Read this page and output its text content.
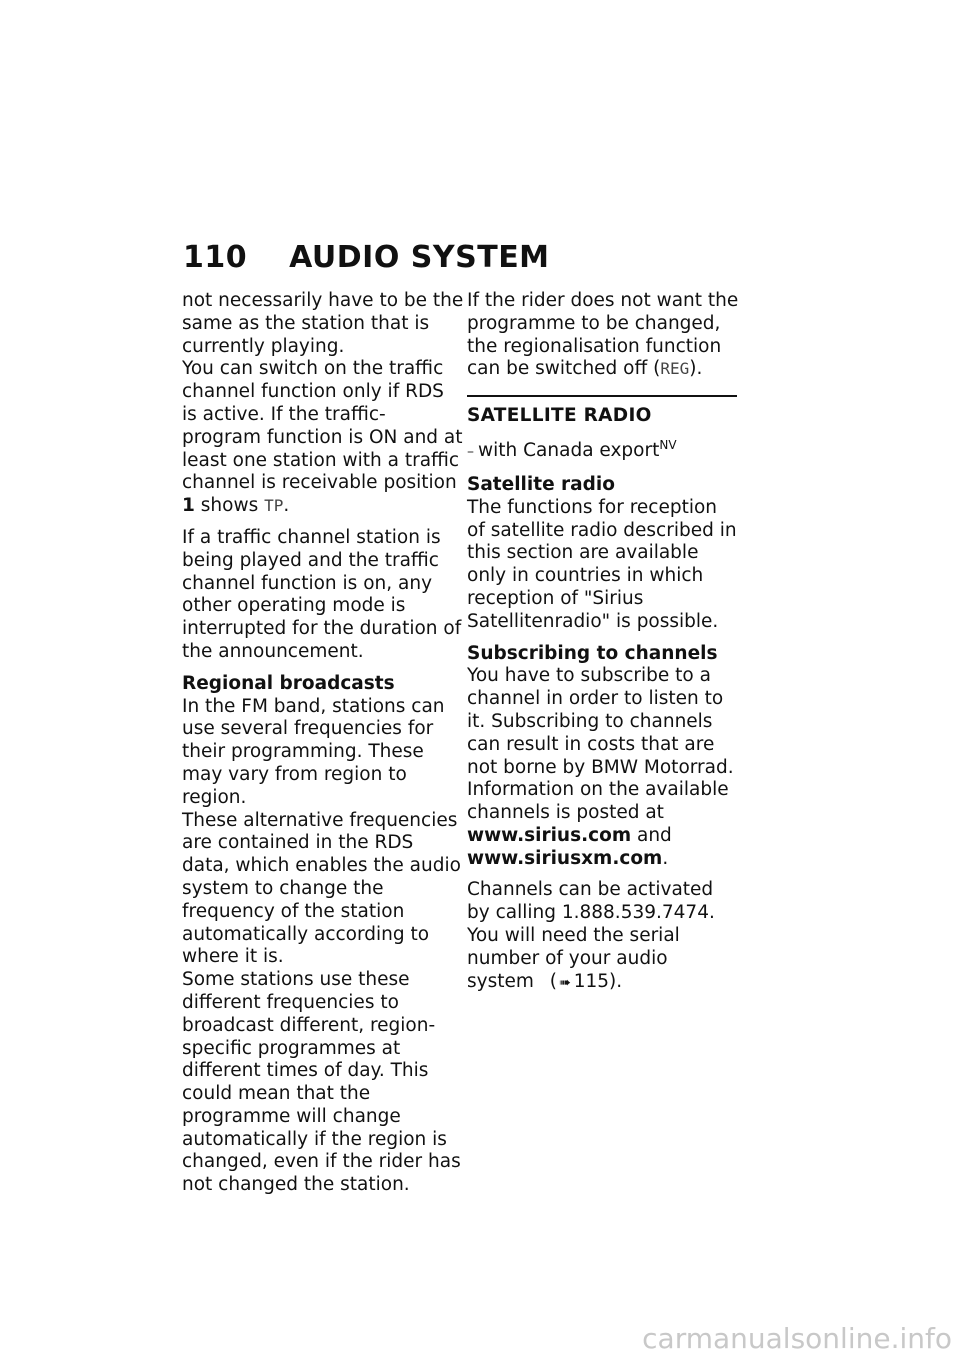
110 AUDIO SYSTEM

not necessarily have to be the same as the station that is currently playing.

You can switch on the traffic channel function only if RDS is active. If the traffic-program function is ON and at least one station with a traffic channel is receivable position 1 shows TP.

If a traffic channel station is being played and the traffic channel function is on, any other operating mode is interrupted for the duration of the announcement.

Regional broadcasts

In the FM band, stations can use several frequencies for their programming. These may vary from region to region.

These alternative frequencies are contained in the RDS data, which enables the audio system to change the frequency of the station automatically according to where it is.

Some stations use these different frequencies to broadcast different, region-specific programmes at different times of day. This could mean that the programme will change automatically if the region is changed, even if the rider has not changed the station.

If the rider does not want the programme to be changed, the regionalisation function can be switched off (REG).

SATELLITE RADIO

– with Canada export$^{NV}$

Satellite radio

The functions for reception of satellite radio described in this section are available only in countries in which reception of "Sirius Satellitenradio" is possible.

Subscribing to channels

You have to subscribe to a channel in order to listen to it. Subscribing to channels can result in costs that are not borne by BMW Motorrad.

Information on the available channels is posted at www.sirius.com and www.siriusxm.com.

Channels can be activated by calling 1.888.539.7474. You will need the serial number of your audio system ( ➠ 115).

carmanualsonline.info
